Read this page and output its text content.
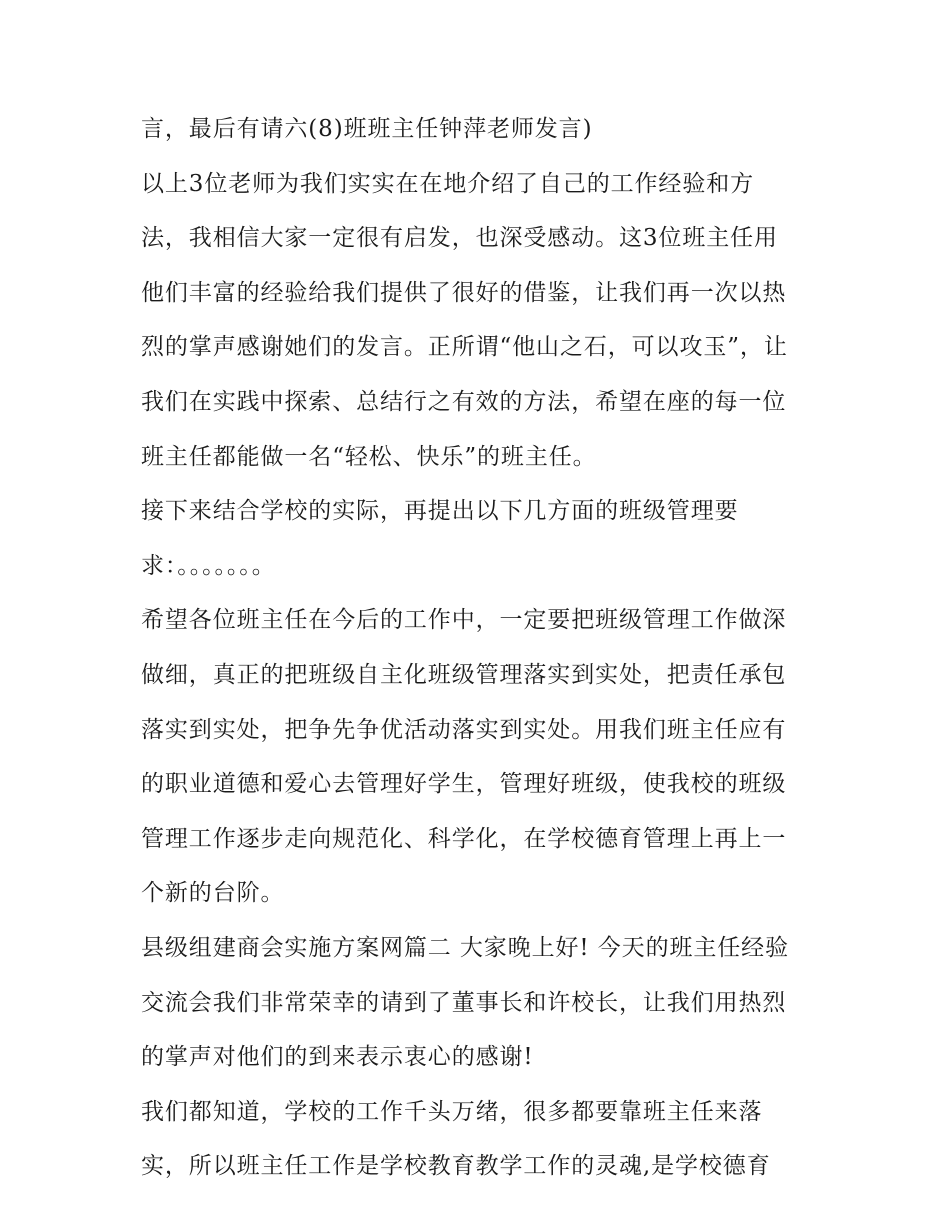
言，最后有请六(8)班班主任钟萍老师发言)
以上3位老师为我们实实在在地介绍了自己的工作经验和方
法，我相信大家一定很有启发，也深受感动。这3位班主任用
他们丰富的经验给我们提供了很好的借鉴，让我们再一次以热
烈的掌声感谢她们的发言。正所谓“他山之石，可以攻玉”，让
我们在实践中探索、总结行之有效的方法，希望在座的每一位
班主任都能做一名“轻松、快乐”的班主任。
接下来结合学校的实际，再提出以下几方面的班级管理要
求：。。。。。。。
希望各位班主任在今后的工作中，一定要把班级管理工作做深
做细，真正的把班级自主化班级管理落实到实处，把责任承包
落实到实处，把争先争优活动落实到实处。用我们班主任应有
的职业道德和爱心去管理好学生，管理好班级，使我校的班级
管理工作逐步走向规范化、科学化，在学校德育管理上再上一
个新的台阶。
县级组建商会实施方案网篇二 大家晚上好! 今天的班主任经验
交流会我们非常荣幸的请到了董事长和许校长，让我们用热烈
的掌声对他们的到来表示衷心的感谢!
我们都知道，学校的工作千头万绪，很多都要靠班主任来落
实，所以班主任工作是学校教育教学工作的灵魂,是学校德育
